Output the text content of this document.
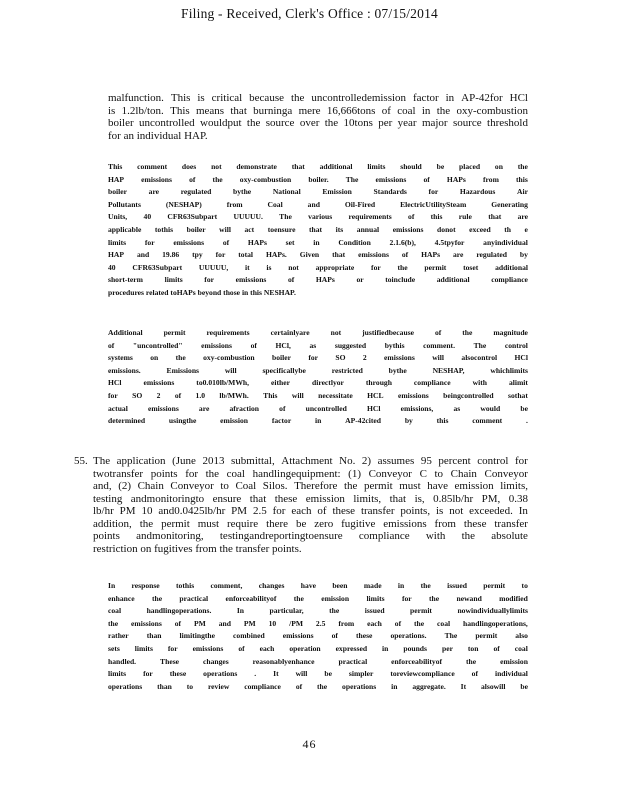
Filing - Received, Clerk's Office : 07/15/2014
malfunction. This is critical because the uncontrolledemission factor in AP-42for HCl
is 1.2lb/ton. This means that burninga mere 16,666tons of coal in the oxy-combustion
boiler uncontrolled wouldput the source over the 10tons per year major source threshold
for an individual HAP.
This comment does not demonstrate that additional limits should be placed on the
HAP emissions of the oxy-combustion boiler. The emissions of HAPs from this
boiler	are	regulated	bythe	National	Emission	Standards	for	Hazardous	Air
Pollutants	(NESHAP)	from	Coal	and	Oil-Fired	ElectricUtilitySteam	Generating
Units, 40 CFR63Subpart UUUUU. The various requirements of this rule that are
applicable tothis boiler will act toensure that its annual emissions donot exceed th e
limits for emissions of HAPs set in Condition 2.1.6(b), 4.5tpyfor anyindividual
HAP and 19.86 tpy for total HAPs. Given that emissions of HAPs are regulated by
40 CFR63Subpart UUUUU, it is not appropriate for the permit toset additional
short-term	limits	for	emissions	of	HAPs	or	toinclude	additional	compliance
procedures related toHAPs beyond those in this NESHAP.
Additional	permit	requirements	certainlyare	not	justifiedbecause	of	the	magnitude
of "uncontrolled" emissions of HCl, as suggested bythis comment. The control
systems on the oxy-combustion boiler for SO 2 emissions will alsocontrol HCl
emissions.	Emissions	will	specificallybe	restricted	bythe	NESHAP,	whichlimits
HCl	emissions	to0.010lb/MWh,	either	directlyor	through	compliance	with	alimit
for SO 2 of 1.0 lb/MWh. This will necessitate HCL emissions beingcontrolled sothat
actual	emissions	are	afraction	of	uncontrolled	HCl	emissions,	as	would	be
determined	usingthe	emission	factor	in	AP-42cited	by	this	comment	.
55. The application (June 2013 submittal, Attachment No. 2) assumes 95 percent control for
twotransfer points for the coal handlingequipment: (1) Conveyor C to Chain Conveyor
and, (2) Chain Conveyor to Coal Silos. Therefore the permit must have emission limits,
testing andmonitoringto ensure that these emission limits, that is, 0.85lb/hr PM, 0.38
lb/hr PM 10 and0.0425lb/hr PM 2.5 for each of these transfer points, is not exceeded. In
addition, the permit must require there be zero fugitive emissions from these transfer
points andmonitoring, testingandreportingtoensure compliance with the absolute
restriction on fugitives from the transfer points.
In response tothis comment, changes have been made in the issued permit to
enhance the practical enforceabilityof the emission limits for the newand modified
coal	handlingoperations.	In	particular,	the	issued	permit	nowindividuallylimits
the emissions of PM and PM 10 /PM 2.5 from each of the coal handlingoperations,
rather than limitingthe combined emissions of these operations. The permit also
sets limits for emissions of each operation expressed in pounds per ton of coal
handled.	These	changes	reasonablyenhance	practical	enforceabilityof	the	emission
limits for these operations . It will be simpler toreviewcompliance of individual
operations than to review compliance of the operations in aggregate. It alsowill be
46
